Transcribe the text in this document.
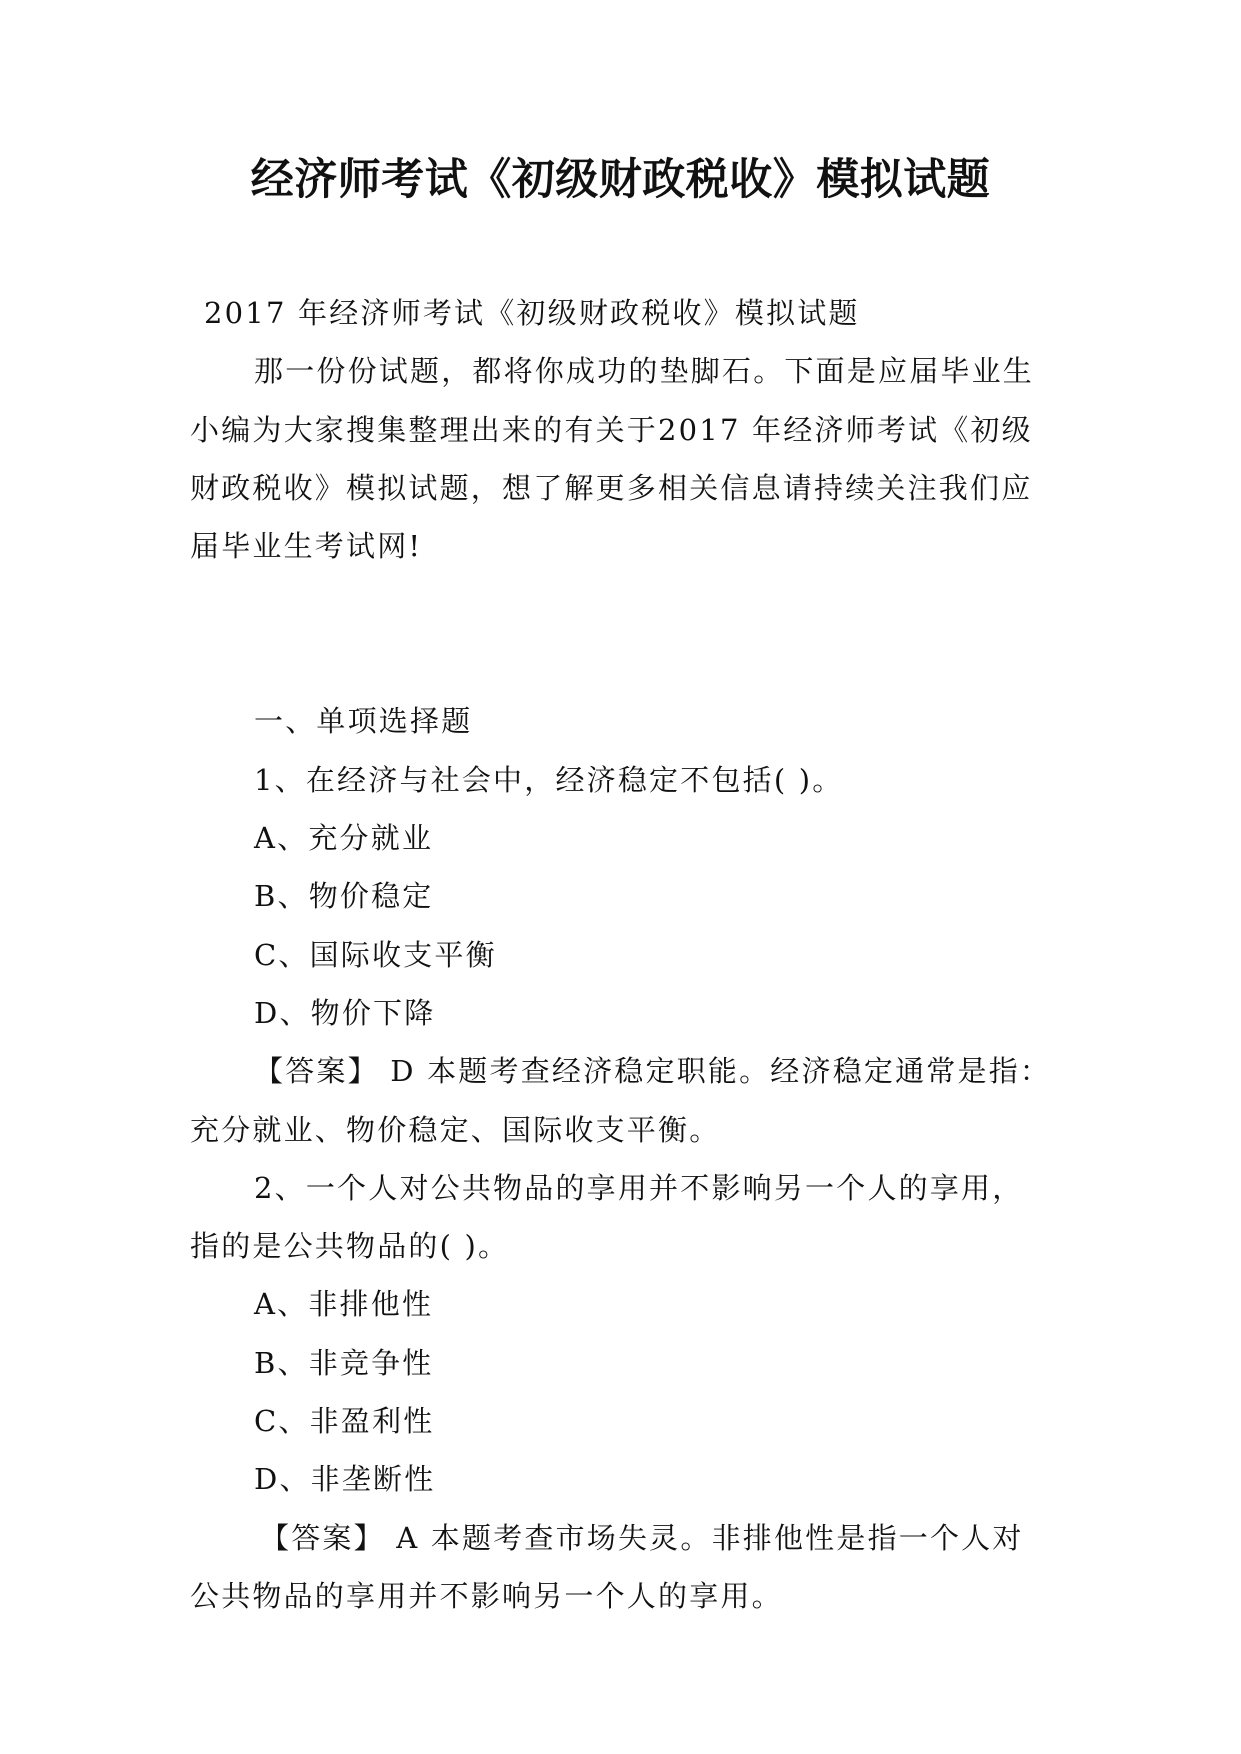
经济师考试《初级财政税收》模拟试题

2017 年经济师考试《初级财政税收》模拟试题

那一份份试题，都将你成功的垫脚石。下面是应届毕业生小编为大家搜集整理出来的有关于2017 年经济师考试《初级财政税收》模拟试题，想了解更多相关信息请持续关注我们应届毕业生考试网!

一、单项选择题

1、在经济与社会中，经济稳定不包括( )。

A、充分就业

B、物价稳定

C、国际收支平衡

D、物价下降

【答案】 D 本题考查经济稳定职能。经济稳定通常是指：充分就业、物价稳定、国际收支平衡。

2、一个人对公共物品的享用并不影响另一个人的享用，指的是公共物品的( )。

A、非排他性

B、非竞争性

C、非盈利性

D、非垄断性

【答案】 A 本题考查市场失灵。非排他性是指一个人对公共物品的享用并不影响另一个人的享用。
